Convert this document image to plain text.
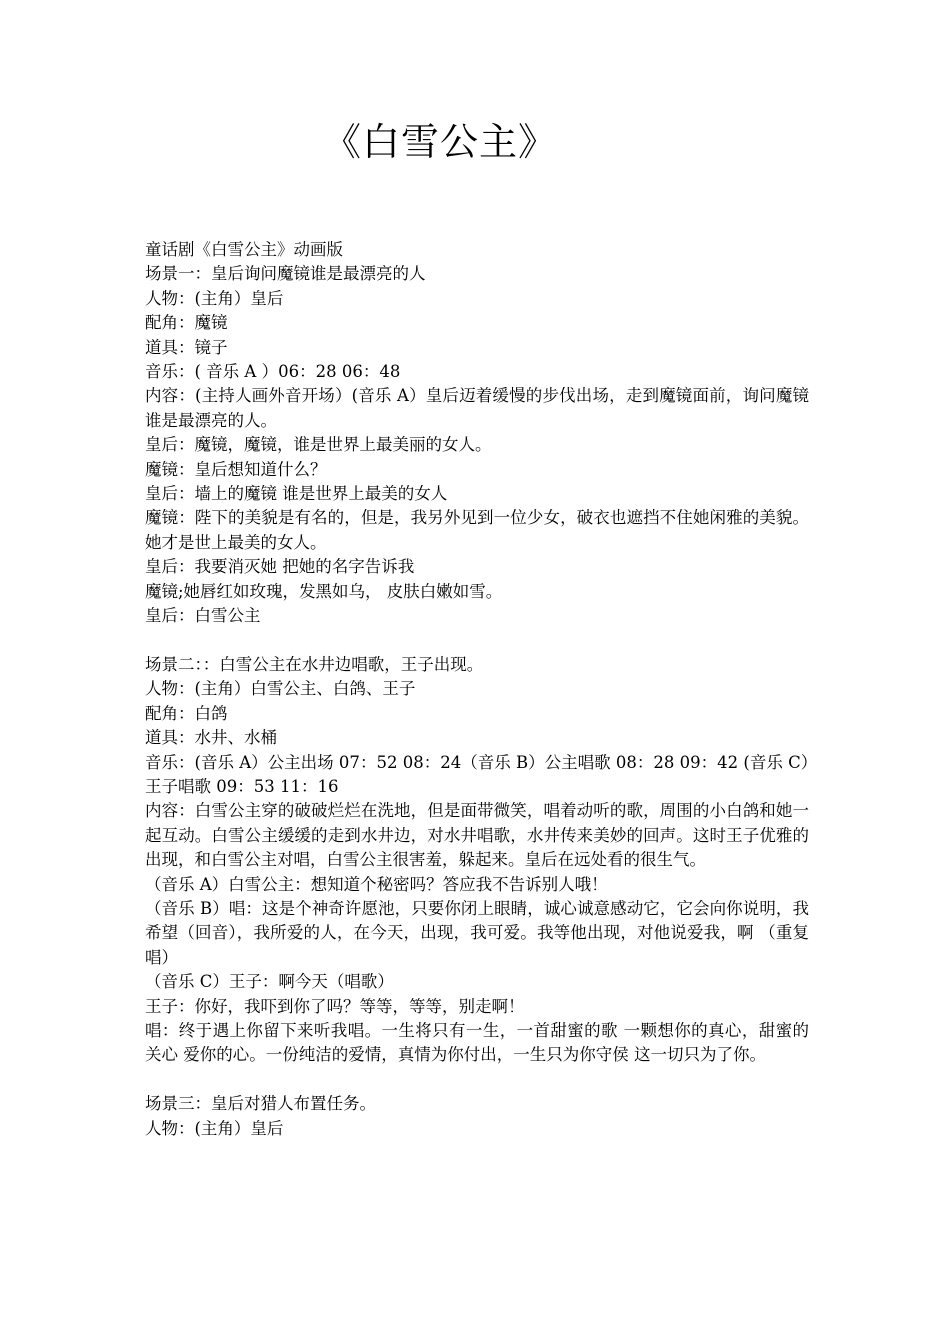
《白雪公主》
童话剧《白雪公主》动画版
场景一：皇后询问魔镜谁是最漂亮的人
人物：(主角）皇后
配角：魔镜
道具：镜子
音乐：( 音乐 A ）06：28 06：48
内容：(主持人画外音开场）(音乐 A）皇后迈着缓慢的步伐出场，走到魔镜面前，询问魔镜谁是最漂亮的人。
皇后：魔镜，魔镜，谁是世界上最美丽的女人。
魔镜：皇后想知道什么？
皇后：墙上的魔镜 谁是世界上最美的女人
魔镜：陛下的美貌是有名的，但是，我另外见到一位少女，破衣也遮挡不住她闲雅的美貌。她才是世上最美的女人。
皇后：我要消灭她 把她的名字告诉我
魔镜;她唇红如玫瑰，发黑如乌， 皮肤白嫩如雪。
皇后：白雪公主
场景二：：白雪公主在水井边唱歌，王子出现。
人物：(主角）白雪公主、白鸽、王子
配角：白鸽
道具：水井、水桶
音乐：(音乐 A）公主出场 07：52 08：24（音乐 B）公主唱歌 08：28 09：42 (音乐 C）王子唱歌 09：53 11：16
内容：白雪公主穿的破破烂烂在洗地，但是面带微笑，唱着动听的歌，周围的小白鸽和她一起互动。白雪公主缓缓的走到水井边，对水井唱歌，水井传来美妙的回声。这时王子优雅的出现，和白雪公主对唱，白雪公主很害羞，躲起来。皇后在远处看的很生气。
（音乐 A）白雪公主：想知道个秘密吗？答应我不告诉别人哦！
（音乐 B）唱：这是个神奇许愿池，只要你闭上眼睛，诚心诚意感动它，它会向你说明，我希望（回音），我所爱的人，在今天，出现，我可爱。我等他出现，对他说爱我，啊 （重复唱）
（音乐 C）王子：啊今天（唱歌）
王子：你好，我吓到你了吗？等等，等等，别走啊！
唱：终于遇上你留下来听我唱。一生将只有一生，一首甜蜜的歌 一颗想你的真心，甜蜜的关心 爱你的心。一份纯洁的爱情，真情为你付出，一生只为你守侯 这一切只为了你。
场景三：皇后对猎人布置任务。
人物：(主角）皇后
